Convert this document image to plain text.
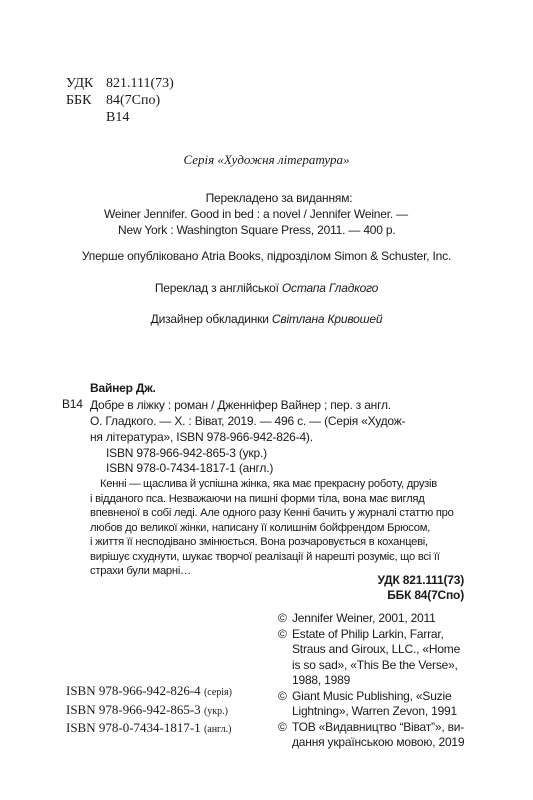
УДК 821.111(73)
ББК 84(7Спо)
В14
Серія «Художня література»
Перекладено за виданням:
Weiner Jennifer. Good in bed : a novel / Jennifer Weiner. —
New York : Washington Square Press, 2011. — 400 p.
Уперше опубліковано Atria Books, підрозділом Simon & Schuster, Inc.
Переклад з англійської Остапа Гладкого
Дизайнер обкладинки Світлана Кривошей
Вайнер Дж.
В14 Добре в ліжку : роман / Дженніфер Вайнер ; пер. з англ.
О. Гладкого. — Х. : Віват, 2019. — 496 с. — (Серія «Худож-
ня література», ISBN 978-966-942-826-4).
ISBN 978-966-942-865-3 (укр.)
ISBN 978-0-7434-1817-1 (англ.)
Кенні — щаслива й успішна жінка, яка має прекрасну роботу, друзів
і відданого пса. Незважаючи на пишні форми тіла, вона має вигляд
впевненої в собі леді. Але одного разу Кенні бачить у журналі статтю про
любов до великої жінки, написану її колишнім бойфрендом Брюсом,
і життя її несподівано змінюється. Вона розчаровується в коханцеві,
вирішує схуднути, шукає творчої реалізації й нарешті розуміє, що всі її
страхи були марні…
УДК 821.111(73)
ББК 84(7Спо)
© Jennifer Weiner, 2001, 2011
© Estate of Philip Larkin, Farrar,
Straus and Giroux, LLC., «Home
is so sad», «This Be the Verse»,
1988, 1989
© Giant Music Publishing, «Suzie
Lightning», Warren Zevon, 1991
© ТОВ «Видавництво “Віват”», ви-
дання українською мовою, 2019
ISBN 978-966-942-826-4 (серія)
ISBN 978-966-942-865-3 (укр.)
ISBN 978-0-7434-1817-1 (англ.)
